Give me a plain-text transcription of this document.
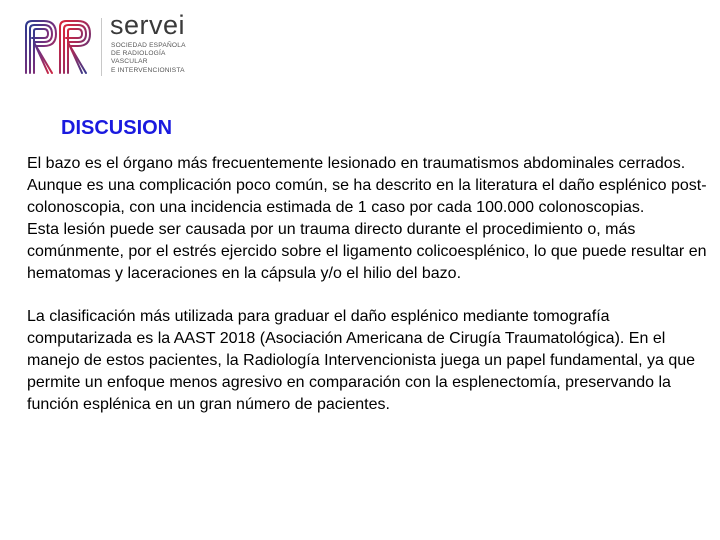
servei
SOCIEDAD ESPAÑOLA
DE RADIOLOGÍA
VASCULAR
E INTERVENCIONISTA
DISCUSION

El bazo es el órgano más frecuentemente lesionado en traumatismos abdominales cerrados.

Aunque es una complicación poco común, se ha descrito en la literatura el daño esplénico post-colonoscopia, con una incidencia estimada de 1 caso por cada 100.000 colonoscopias.

Esta lesión puede ser causada por un trauma directo durante el procedimiento o, más comúnmente, por el estrés ejercido sobre el ligamento colicoesplénico, lo que puede resultar en hematomas y laceraciones en la cápsula y/o el hilio del bazo.

La clasificación más utilizada para graduar el daño esplénico mediante tomografía computarizada es la AAST 2018 (Asociación Americana de Cirugía Traumatológica). En el manejo de estos pacientes, la Radiología Intervencionista juega un papel fundamental, ya que permite un enfoque menos agresivo en comparación con la esplenectomía, preservando la función esplénica en un gran número de pacientes.
